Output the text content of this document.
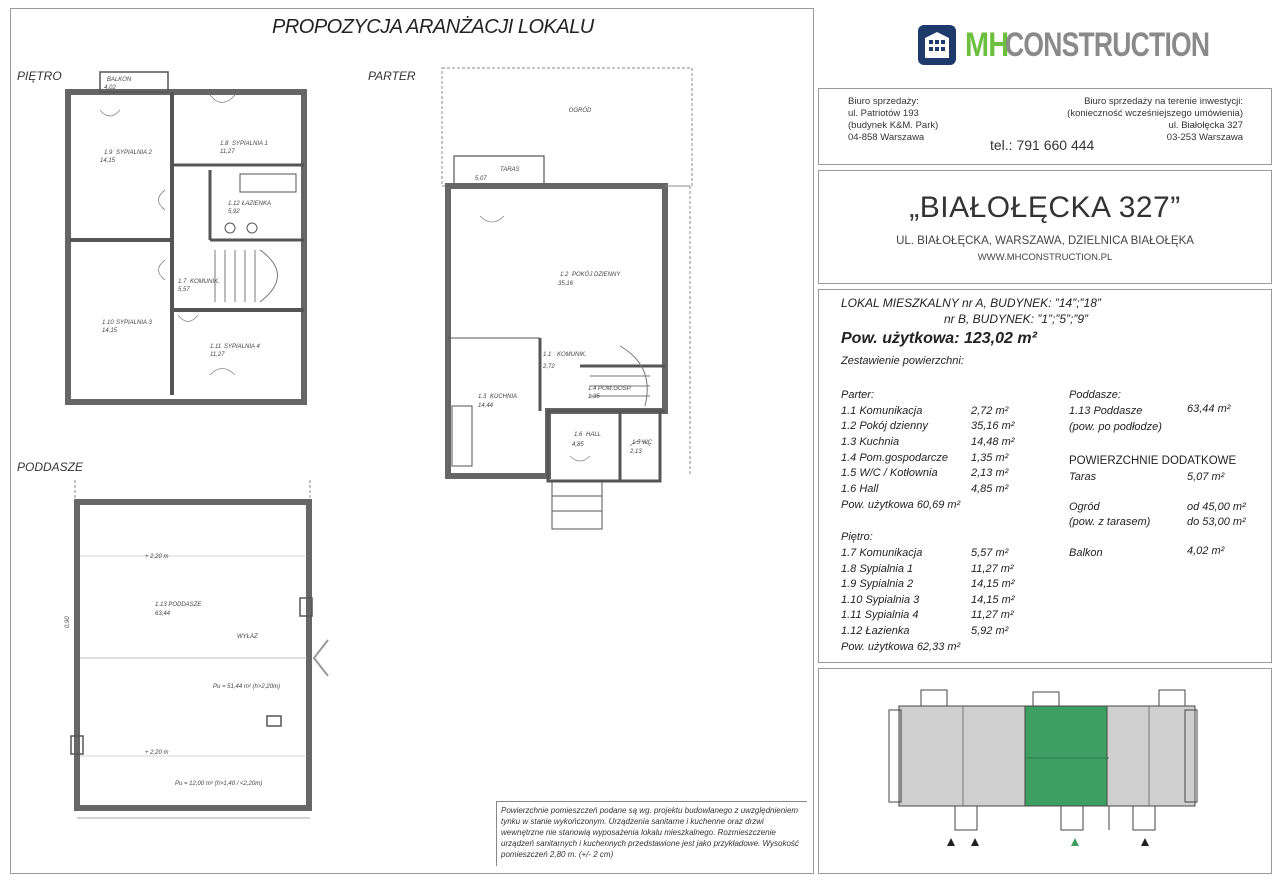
PROPOZYCJA ARANŻACJI LOKALU
PIĘTRO	PARTER
PODDASZE
BALKON
4,02
1.9 SYPIALNIA 2
14,15
1.8 SYPIALNIA 1
11,27
1.12 ŁAZIENKA
5,92
1.7 KOMUNIK.
5,57
1.10 SYPIALNIA 3
14,15
1.11 SYPIALNIA 4
11,27
OGRÓD
TARAS
5,07
1.2 POKÓJ DZIENNY
35,16
1.1 KOMUNIK.
2,72
1.4 POM.GOSP.
1,35
1.3 KUCHNIA
14,44
1.6 HALL
4,85	1.5 WC
2,13
+ 2,20 m
1.13 PODDASZE
63,44
WYŁAZ
Pu = 51,44 m² (h>2,20m)
+ 2,20 m
Pu = 12,00 m² (h>1,40 / <2,20m)
0,90
Powierzchnie pomieszczeń podane są wg. projektu budowlanego z uwzględnieniem tynku w stanie wykończonym. Urządzenia sanitarne i kuchenne oraz drzwi wewnętrzne nie stanowią wyposażenia lokalu mieszkalnego. Rozmieszczenie urządzeń sanitarnych i kuchennych przedstawione jest jako przykładowe. Wysokość pomieszczeń 2,80 m. (+/- 2 cm)
MH
CONSTRUCTION
Biuro sprzedaży:
ul. Patriotów 193
(budynek K&M. Park)
04-858 Warszawa
Biuro sprzedaży na terenie inwestycji:
(konieczność wcześniejszego umówienia)
ul. Białołęcka 327
03-253 Warszawa
tel.: 791 660 444
„BIAŁOŁĘCKA 327”
UL. BIAŁOŁĘCKA, WARSZAWA, DZIELNICA BIAŁOŁĘKA
WWW.MHCONSTRUCTION.PL
LOKAL MIESZKALNY nr A, BUDYNEK: ”14”;”18”
nr B, BUDYNEK: ”1”;”5”;”9”
Pow. użytkowa: 123,02 m²
Zestawienie powierzchni:
Parter:
1.1 Komunikacja	2,72 m²
1.2 Pokój dzienny	35,16 m²
1.3 Kuchnia	14,48 m²
1.4 Pom.gospodarcze 1,35 m²
1.5 W/C / Kotłownia	2,13 m²
1.6 Hall	4,85 m²
Pow. użytkowa 60,69 m²
Piętro:
1.7 Komunikacja	5,57 m²
1.8 Sypialnia 1	11,27 m²
1.9 Sypialnia 2	14,15 m²
1.10 Sypialnia 3	14,15 m²
1.11 Sypialnia 4	11,27 m²
1.12 Łazienka	5,92 m²
Pow. użytkowa 62,33 m²
Poddasze:
1.13 Poddasze	63,44 m²
(pow. po podłodze)
POWIERZCHNIE DODATKOWE
Taras	5,07 m²
Ogród	od 45,00 m²
(pow. z tarasem)	do 53,00 m²
Balkon	4,02 m²
